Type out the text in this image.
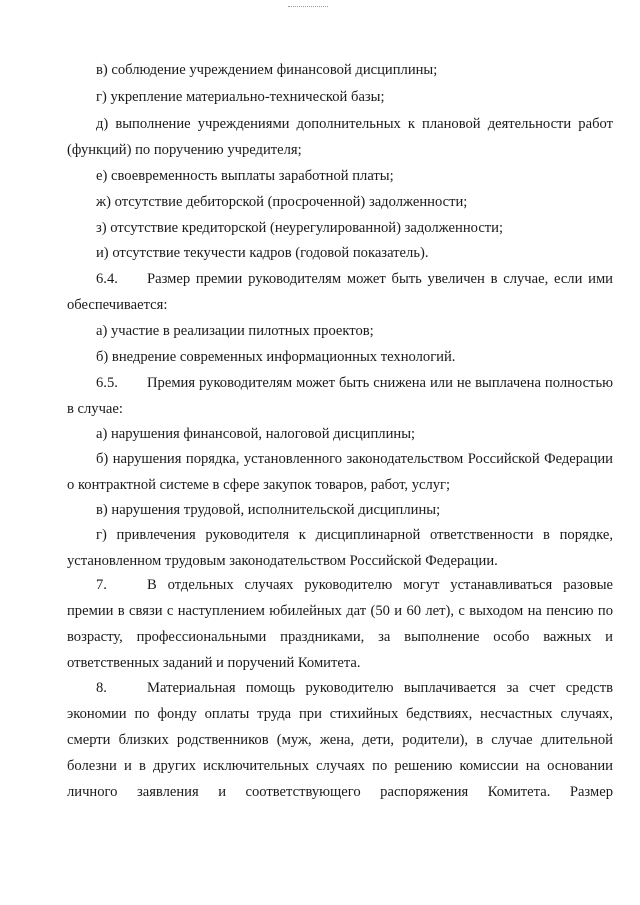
в) соблюдение учреждением финансовой дисциплины;

г) укрепление материально-технической базы;

д) выполнение учреждениями дополнительных к плановой деятельности работ (функций) по поручению учредителя;

е) своевременность выплаты заработной платы;

ж) отсутствие дебиторской (просроченной) задолженности;

з) отсутствие кредиторской (неурегулированной) задолженности;

и) отсутствие текучести кадров (годовой показатель).

6.4. Размер премии руководителям может быть увеличен в случае, если ими обеспечивается:

а) участие в реализации пилотных проектов;

б) внедрение современных информационных технологий.

6.5. Премия руководителям может быть снижена или не выплачена полностью в случае:

а) нарушения финансовой, налоговой дисциплины;

б) нарушения порядка, установленного законодательством Российской Федерации о контрактной системе в сфере закупок товаров, работ, услуг;

в) нарушения трудовой, исполнительской дисциплины;

г) привлечения руководителя к дисциплинарной ответственности в порядке, установленном трудовым законодательством Российской Федерации.

7.	В отдельных случаях руководителю могут устанавливаться разовые премии в связи с наступлением юбилейных дат (50 и 60 лет), с выходом на пенсию по возрасту, профессиональными праздниками, за выполнение особо важных и ответственных заданий и поручений Комитета.

8.	Материальная помощь руководителю выплачивается за счет средств экономии по фонду оплаты труда при стихийных бедствиях, несчастных случаях, смерти близких родственников (муж, жена, дети, родители), в случае длительной болезни и в других исключительных случаях по решению комиссии на основании личного заявления и соответствующего распоряжения Комитета. Размер
